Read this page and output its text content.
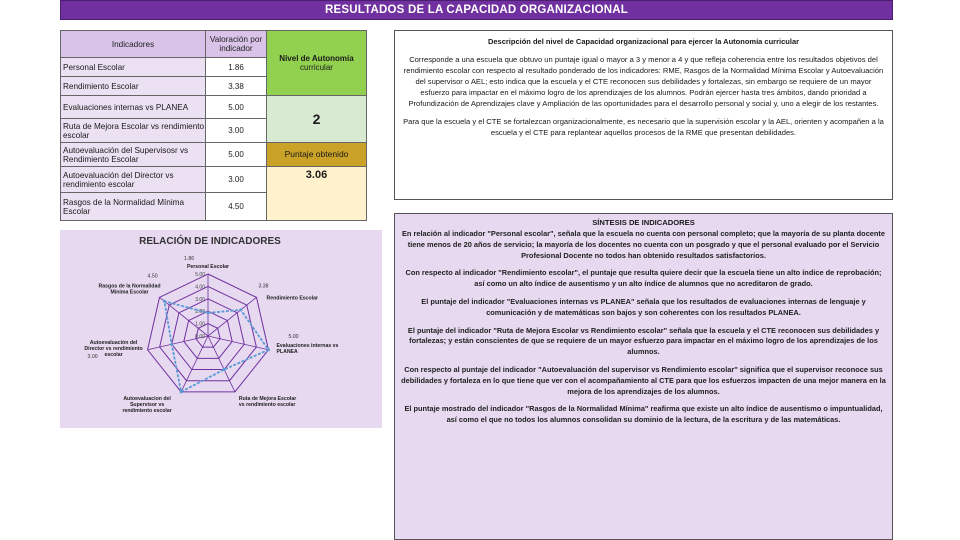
RESULTADOS DE LA CAPACIDAD ORGANIZACIONAL
Indicadores	Valoración por indicador	Nivel de Autonomía
curricular
Personal Escolar	1.86	
Rendimiento Escolar	3.38	
Evaluaciones internas vs PLANEA	5.00	2
Ruta de Mejora Escolar vs rendimiento escolar	3.00	
Autoevaluación del Supervisosr vs Rendimiento Escolar	5.00	Puntaje obtenido
Autoevaluación del Director vs rendimiento escolar	3.00	3.06
Rasgos de la Normalidad Mínima Escolar	4.50	
Descripción del nivel de Capacidad organizacional para ejercer la Autonomía curricular

Corresponde a una escuela que obtuvo un puntaje igual o mayor a 3 y menor a 4 y que refleja coherencia entre los resultados objetivos del rendimiento escolar con respecto al resultado ponderado de los indicadores: RME, Rasgos de la Normalidad Mínima Escolar y Autoevaluación del supervisor o AEL; esto indica que la escuela y el CTE reconocen sus debilidades y fortalezas, sin embargo se requiere de un mayor esfuerzo para impactar en el máximo logro de los aprendizajes de los alumnos. Podrán ejercer hasta tres ámbitos, dando prioridad a Profundización de Aprendizajes clave y Ampliación de las oportunidades para el desarrollo personal y social y, uno a elegir de los restantes.

Para que la escuela y el CTE se fortalezcan organizacionalmente, es necesario que la supervisión escolar y la AEL, orienten y acompañen a la escuela y el CTE para replantear aquellos procesos de la RME que presentan debilidades.

RELACIÓN DE INDICADORES
0.00
1.00
2.00
3.00
4.00
5.00
Personal Escolar
Rendimiento Escolar
Evaluaciones internas vs PLANEA
Ruta de Mejora Escolar vs rendimiento escolar
Autoevaluacion del Supervisor vs rendimiento escolar
Autoevaluación del Director vs rendimiento escolar
Rasgos de la Normalidad Mínima Escolar
1.86
3.38
5.00
3.00
4.50
SÍNTESIS DE INDICADORES

En relación al indicador "Personal escolar", señala que la escuela no cuenta con personal completo; que la mayoría de su planta docente tiene menos de 20 años de servicio; la mayoría de los docentes no cuenta con un posgrado y que el personal evaluado por el Servicio Profesional Docente no todos han obtenido resultados satisfactorios.

Con respecto al indicador "Rendimiento escolar", el puntaje que resulta quiere decir que la escuela tiene un alto índice de reprobación; así como un alto índice de ausentismo y un alto índice de alumnos que no acreditaron de grado.

El puntaje del indicador "Evaluaciones internas vs PLANEA" señala que los resultados de evaluaciones internas de lenguaje y comunicación y de matemáticas son bajos y son coherentes con los resultados PLANEA.

El puntaje del indicador "Ruta de Mejora Escolar vs Rendimiento escolar" señala que la escuela y el CTE reconocen sus debilidades y fortalezas; y están conscientes de que se requiere de un mayor esfuerzo para impactar en el máximo logro de los aprendizajes de los alumnos.

Con respecto al puntaje del indicador "Autoevaluación del supervisor vs Rendimiento escolar" significa que el supervisor reconoce sus debilidades y fortaleza en lo que tiene que ver con el acompañamiento al CTE para que los esfuerzos impacten de una mejor manera en la mejora de los aprendizajes de los alumnos.

El puntaje mostrado del indicador "Rasgos de la Normalidad Mínima" reafirma que existe un alto índice de ausentismo o impuntualidad, así como el que no todos los alumnos consolidan su dominio de la lectura, de la escritura y de las matemáticas.
